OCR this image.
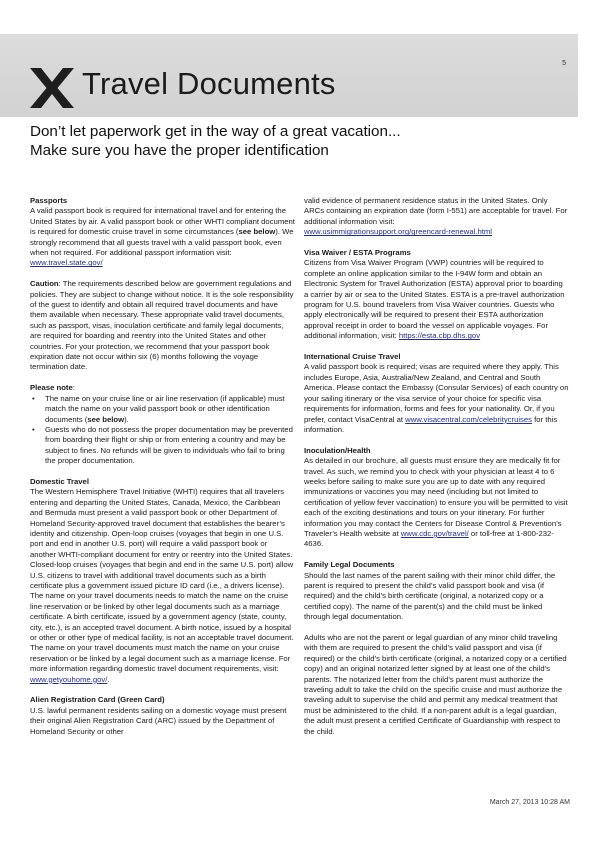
5
Travel Documents
Don’t let paperwork get in the way of a great vacation...
Make sure you have the proper identification
Passports

A valid passport book is required for international travel and for entering the United States by air. A valid passport book or other WHTI compliant document is required for domestic cruise travel in some circumstances (see below). We strongly recommend that all guests travel with a valid passport book, even when not required. For additional passport information visit: www.travel.state.gov/

Caution: The requirements described below are government regulations and policies. They are subject to change without notice. It is the sole responsibility of the guest to identify and obtain all required travel documents and have them available when necessary. These appropriate valid travel documents, such as passport, visas, inoculation certificate and family legal documents, are required for boarding and reentry into the United States and other countries. For your protection, we recommend that your passport book expiration date not occur within six (6) months following the voyage termination date.

Please note:

• The name on your cruise line or air line reservation (if applicable) must match the name on your valid passport book or other identification documents (see below).
• Guests who do not possess the proper documentation may be prevented from boarding their flight or ship or from entering a country and may be subject to fines. No refunds will be given to individuals who fail to bring the proper documentation.
Domestic Travel

The Western Hemisphere Travel Initiative (WHTI) requires that all travelers entering and departing the United States, Canada, Mexico, the Caribbean and Bermuda must present a valid passport book or other Department of Homeland Security-approved travel document that establishes the bearer’s identity and citizenship. Open-loop cruises (voyages that begin in one U.S. port and end in another U.S. port) will require a valid passport book or another WHTI-compliant document for entry or reentry into the United States. Closed-loop cruises (voyages that begin and end in the same U.S. port) allow U.S. citizens to travel with additional travel documents such as a birth certificate plus a government issued picture ID card (i.e., a drivers license). The name on your travel documents needs to match the name on the cruise line reservation or be linked by other legal documents such as a marriage certificate. A birth certificate, issued by a government agency (state, county, city, etc.), is an accepted travel document. A birth notice, issued by a hospital or other or other type of medical facility, is not an acceptable travel document. The name on your travel documents must match the name on your cruise reservation or be linked by a legal document such as a marriage license. For more information regarding domestic travel document requirements, visit: www.getyouhome.gov/.

Alien Registration Card (Green Card)

U.S. lawful permanent residents sailing on a domestic voyage must present their original Alien Registration Card (ARC) issued by the Department of Homeland Security or other

valid evidence of permanent residence status in the United States. Only ARCs containing an expiration date (form I-551) are acceptable for travel. For additional information visit:
www.usimmigrationsupport.org/greencard-renewal.html

Visa Waiver / ESTA Programs

Citizens from Visa Waiver Program (VWP) countries will be required to complete an online application similar to the I-94W form and obtain an Electronic System for Travel Authorization (ESTA) approval prior to boarding a carrier by air or sea to the United States. ESTA is a pre-travel authorization program for U.S. bound travelers from Visa Waiver countries. Guests who apply electronically will be required to present their ESTA authorization approval receipt in order to board the vessel on applicable voyages. For additional information, visit: https://esta.cbp.dhs.gov

International Cruise Travel

A valid passport book is required; visas are required where they apply. This includes Europe, Asia, Australia/New Zealand, and Central and South America. Please contact the Embassy (Consular Services) of each country on your sailing itinerary or the visa service of your choice for specific visa requirements for information, forms and fees for your nationality. Or, if you prefer, contact VisaCentral at www.visacentral.com/celebritycruises for this information.

Inoculation/Health

As detailed in our brochure, all guests must ensure they are medically fit for travel. As such, we remind you to check with your physician at least 4 to 6 weeks before sailing to make sure you are up to date with any required immunizations or vaccines you may need (including but not limited to certification of yellow fever vaccination) to ensure you will be permitted to visit each of the exciting destinations and tours on your itinerary. For further information you may contact the Centers for Disease Control & Prevention’s Traveler’s Health website at www.cdc.gov/travel/ or toll-free at 1-800-232-4636.

Family Legal Documents

Should the last names of the parent sailing with their minor child differ, the parent is required to present the child’s valid passport book and visa (if required) and the child’s birth certificate (original, a notarized copy or a certified copy). The name of the parent(s) and the child must be linked through legal documentation.

Adults who are not the parent or legal guardian of any minor child traveling with them are required to present the child’s valid passport and visa (if required) or the child’s birth certificate (original, a notarized copy or a certified copy) and an original notarized letter signed by at least one of the child’s parents. The notarized letter from the child’s parent must authorize the traveling adult to take the child on the specific cruise and must authorize the traveling adult to supervise the child and permit any medical treatment that must be administered to the child. If a non-parent adult is a legal guardian, the adult must present a certified Certificate of Guardianship with respect to the child.

March 27, 2013 10:28 AM
